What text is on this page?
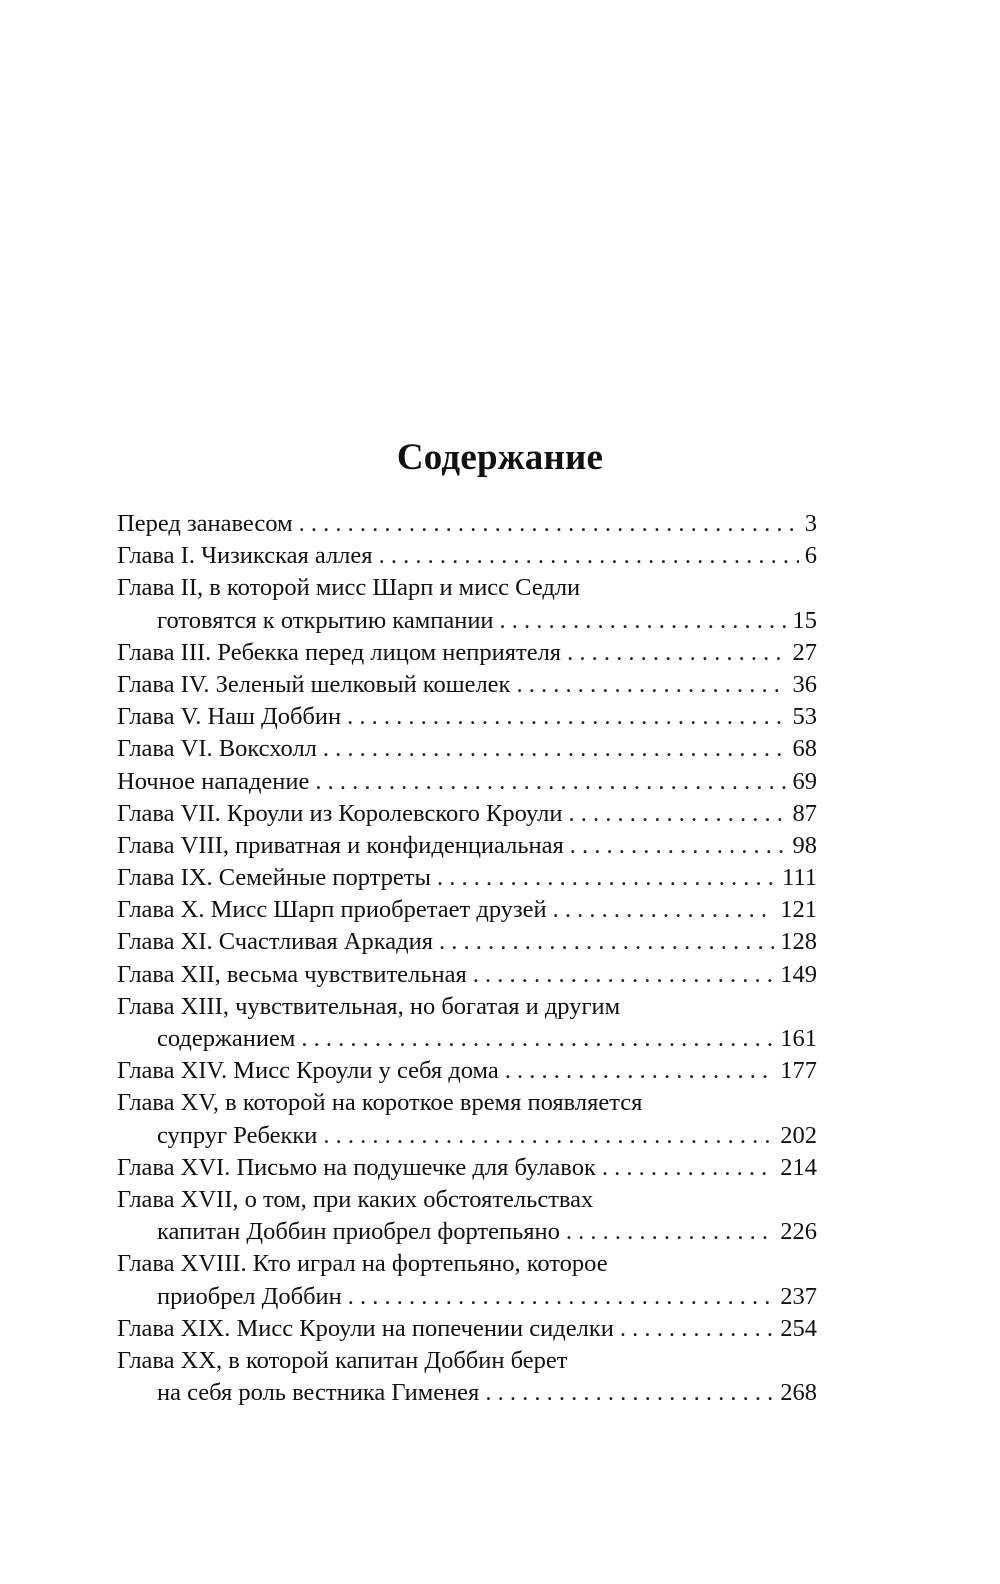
Содержание
Перед занавесом . . .	3
Глава I. Чизикская аллея . . .	6
Глава II, в которой мисс Шарп и мисс Седли
готовятся к открытию кампании . . .	15
Глава III. Ребекка перед лицом неприятеля . . .	27
Глава IV. Зеленый шелковый кошелек . . .	36
Глава V. Наш Доббин . . .	53
Глава VI. Воксхолл . . .	68
Ночное нападение . . .	69
Глава VII. Кроули из Королевского Кроули . . .	87
Глава VIII, приватная и конфиденциальная . . .	98
Глава IX. Семейные портреты . . .	111
Глава X. Мисс Шарп приобретает друзей . . .	121
Глава XI. Счастливая Аркадия . . .	128
Глава XII, весьма чувствительная . . .	149
Глава XIII, чувствительная, но богатая и другим
содержанием . . .	161
Глава XIV. Мисс Кроули у себя дома . . .	177
Глава XV, в которой на короткое время появляется
супруг Ребекки . . .	202
Глава XVI. Письмо на подушечке для булавок . . .	214
Глава XVII, о том, при каких обстоятельствах
капитан Доббин приобрел фортепьяно . . .	226
Глава XVIII. Кто играл на фортепьяно, которое
приобрел Доббин . . .	237
Глава XIX. Мисс Кроули на попечении сиделки . . .	254
Глава XX, в которой капитан Доббин берет
на себя роль вестника Гименея . . .	268
